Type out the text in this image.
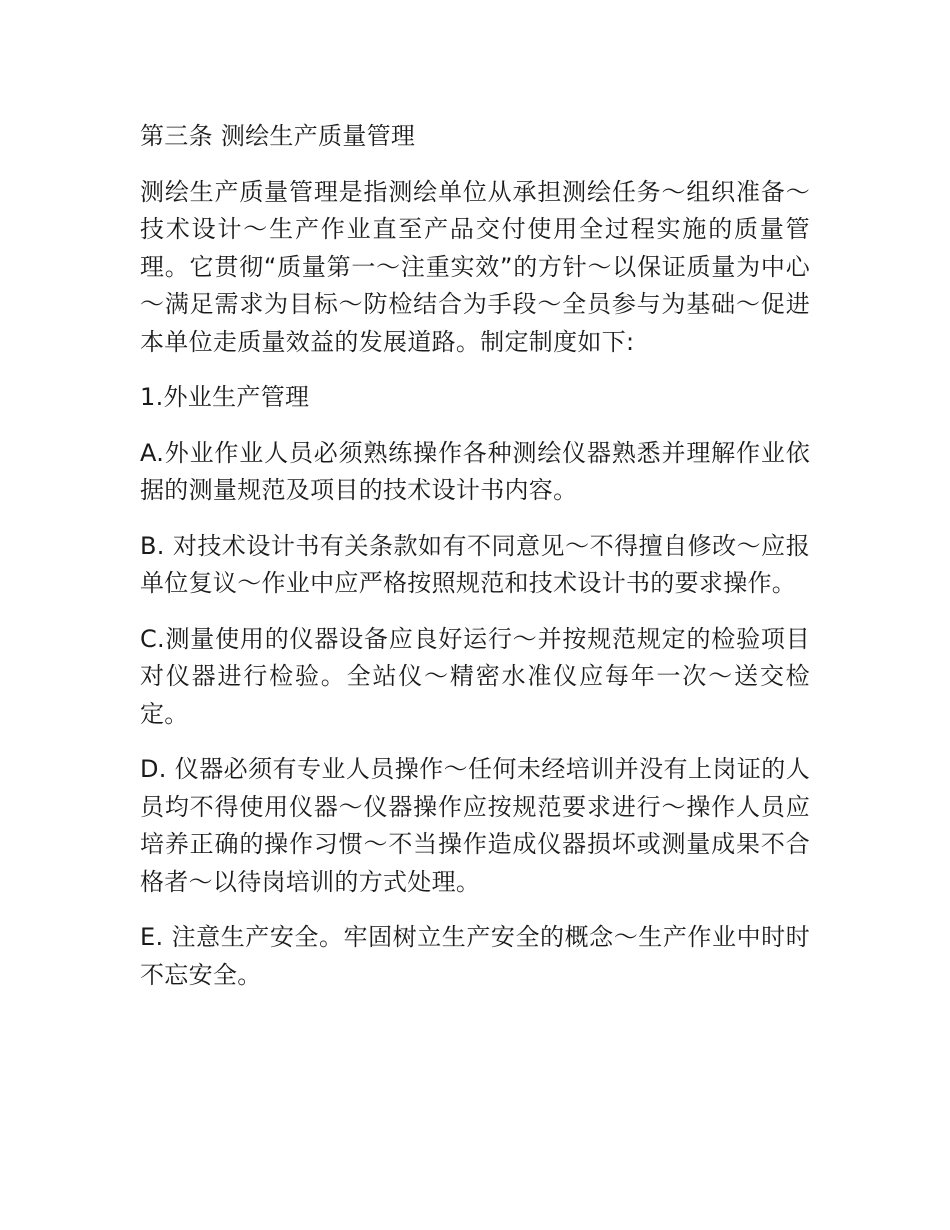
第三条 测绘生产质量管理

测绘生产质量管理是指测绘单位从承担测绘任务～组织准备～技术设计～生产作业直至产品交付使用全过程实施的质量管理。它贯彻“质量第一～注重实效”的方针～以保证质量为中心～满足需求为目标～防检结合为手段～全员参与为基础～促进本单位走质量效益的发展道路。制定制度如下:

1.外业生产管理

A.外业作业人员必须熟练操作各种测绘仪器熟悉并理解作业依据的测量规范及项目的技术设计书内容。

B. 对技术设计书有关条款如有不同意见～不得擅自修改～应报单位复议～作业中应严格按照规范和技术设计书的要求操作。

C.测量使用的仪器设备应良好运行～并按规范规定的检验项目对仪器进行检验。全站仪～精密水准仪应每年一次～送交检定。

D. 仪器必须有专业人员操作～任何未经培训并没有上岗证的人员均不得使用仪器～仪器操作应按规范要求进行～操作人员应培养正确的操作习惯～不当操作造成仪器损坏或测量成果不合格者～以待岗培训的方式处理。

E. 注意生产安全。牢固树立生产安全的概念～生产作业中时时不忘安全。
